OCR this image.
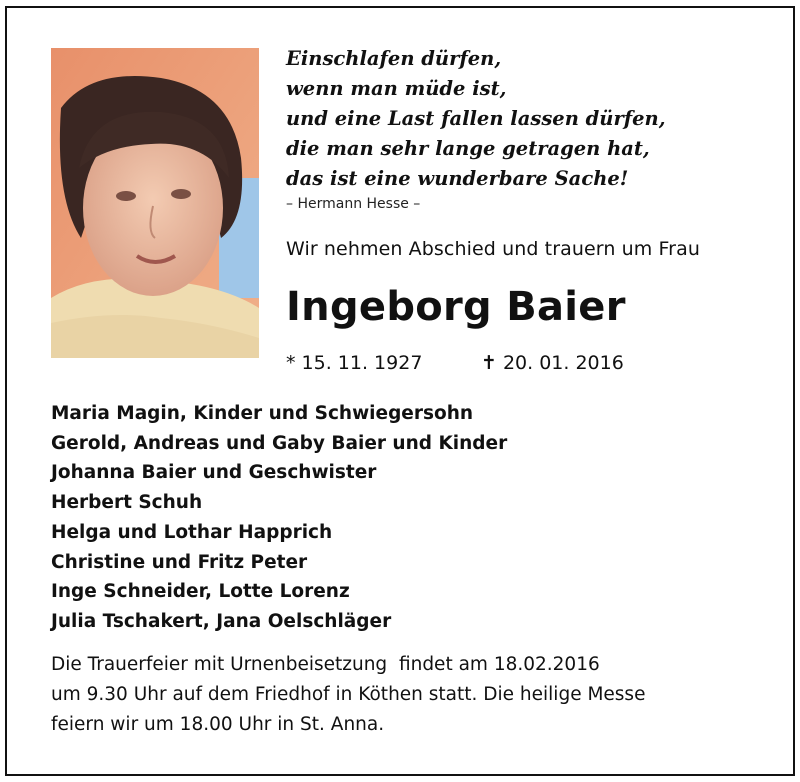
Einschlafen dürfen,
wenn man müde ist,
und eine Last fallen lassen dürfen,
die man sehr lange getragen hat,
das ist eine wunderbare Sache!
– Hermann Hesse –
Wir nehmen Abschied und trauern um Frau
Ingeborg Baier
* 15. 11. 1927	✝ 20. 01. 2016
Maria Magin, Kinder und Schwiegersohn
Gerold, Andreas und Gaby Baier und Kinder
Johanna Baier und Geschwister
Herbert Schuh
Helga und Lothar Happrich
Christine und Fritz Peter
Inge Schneider, Lotte Lorenz
Julia Tschakert, Jana Oelschläger
Die Trauerfeier mit Urnenbeisetzung  findet am 18.02.2016
um 9.30 Uhr auf dem Friedhof in Köthen statt. Die heilige Messe
feiern wir um 18.00 Uhr in St. Anna.
